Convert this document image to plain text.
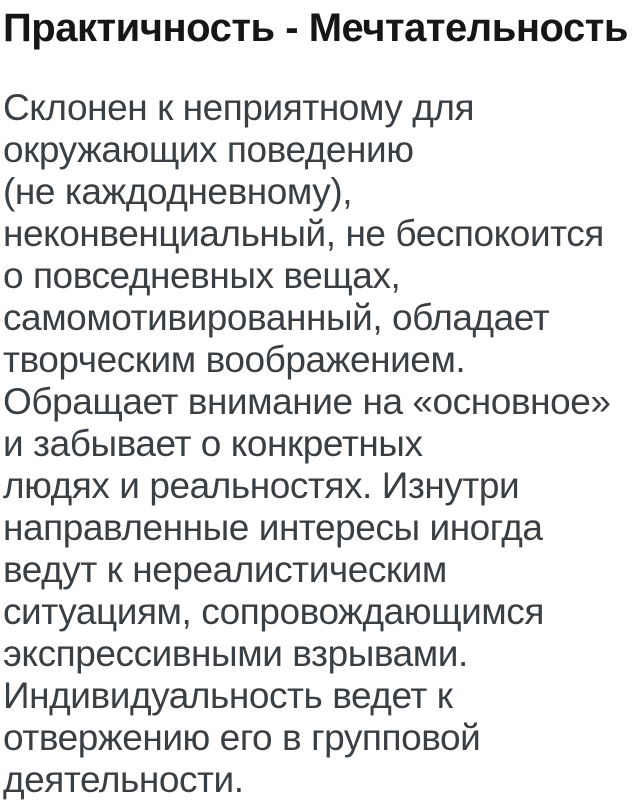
Практичность - Мечтательность
Склонен к неприятному для
окружающих поведению
(не каждодневному),
неконвенциальный, не беспокоится
о повседневных вещах,
самомотивированный, обладает
творческим воображением.
Обращает внимание на «основное»
и забывает о конкретных
людях и реальностях. Изнутри
направленные интересы иногда
ведут к нереалистическим
ситуациям, сопровождающимся
экспрессивными взрывами.
Индивидуальность ведет к
отвержению его в групповой
деятельности.
